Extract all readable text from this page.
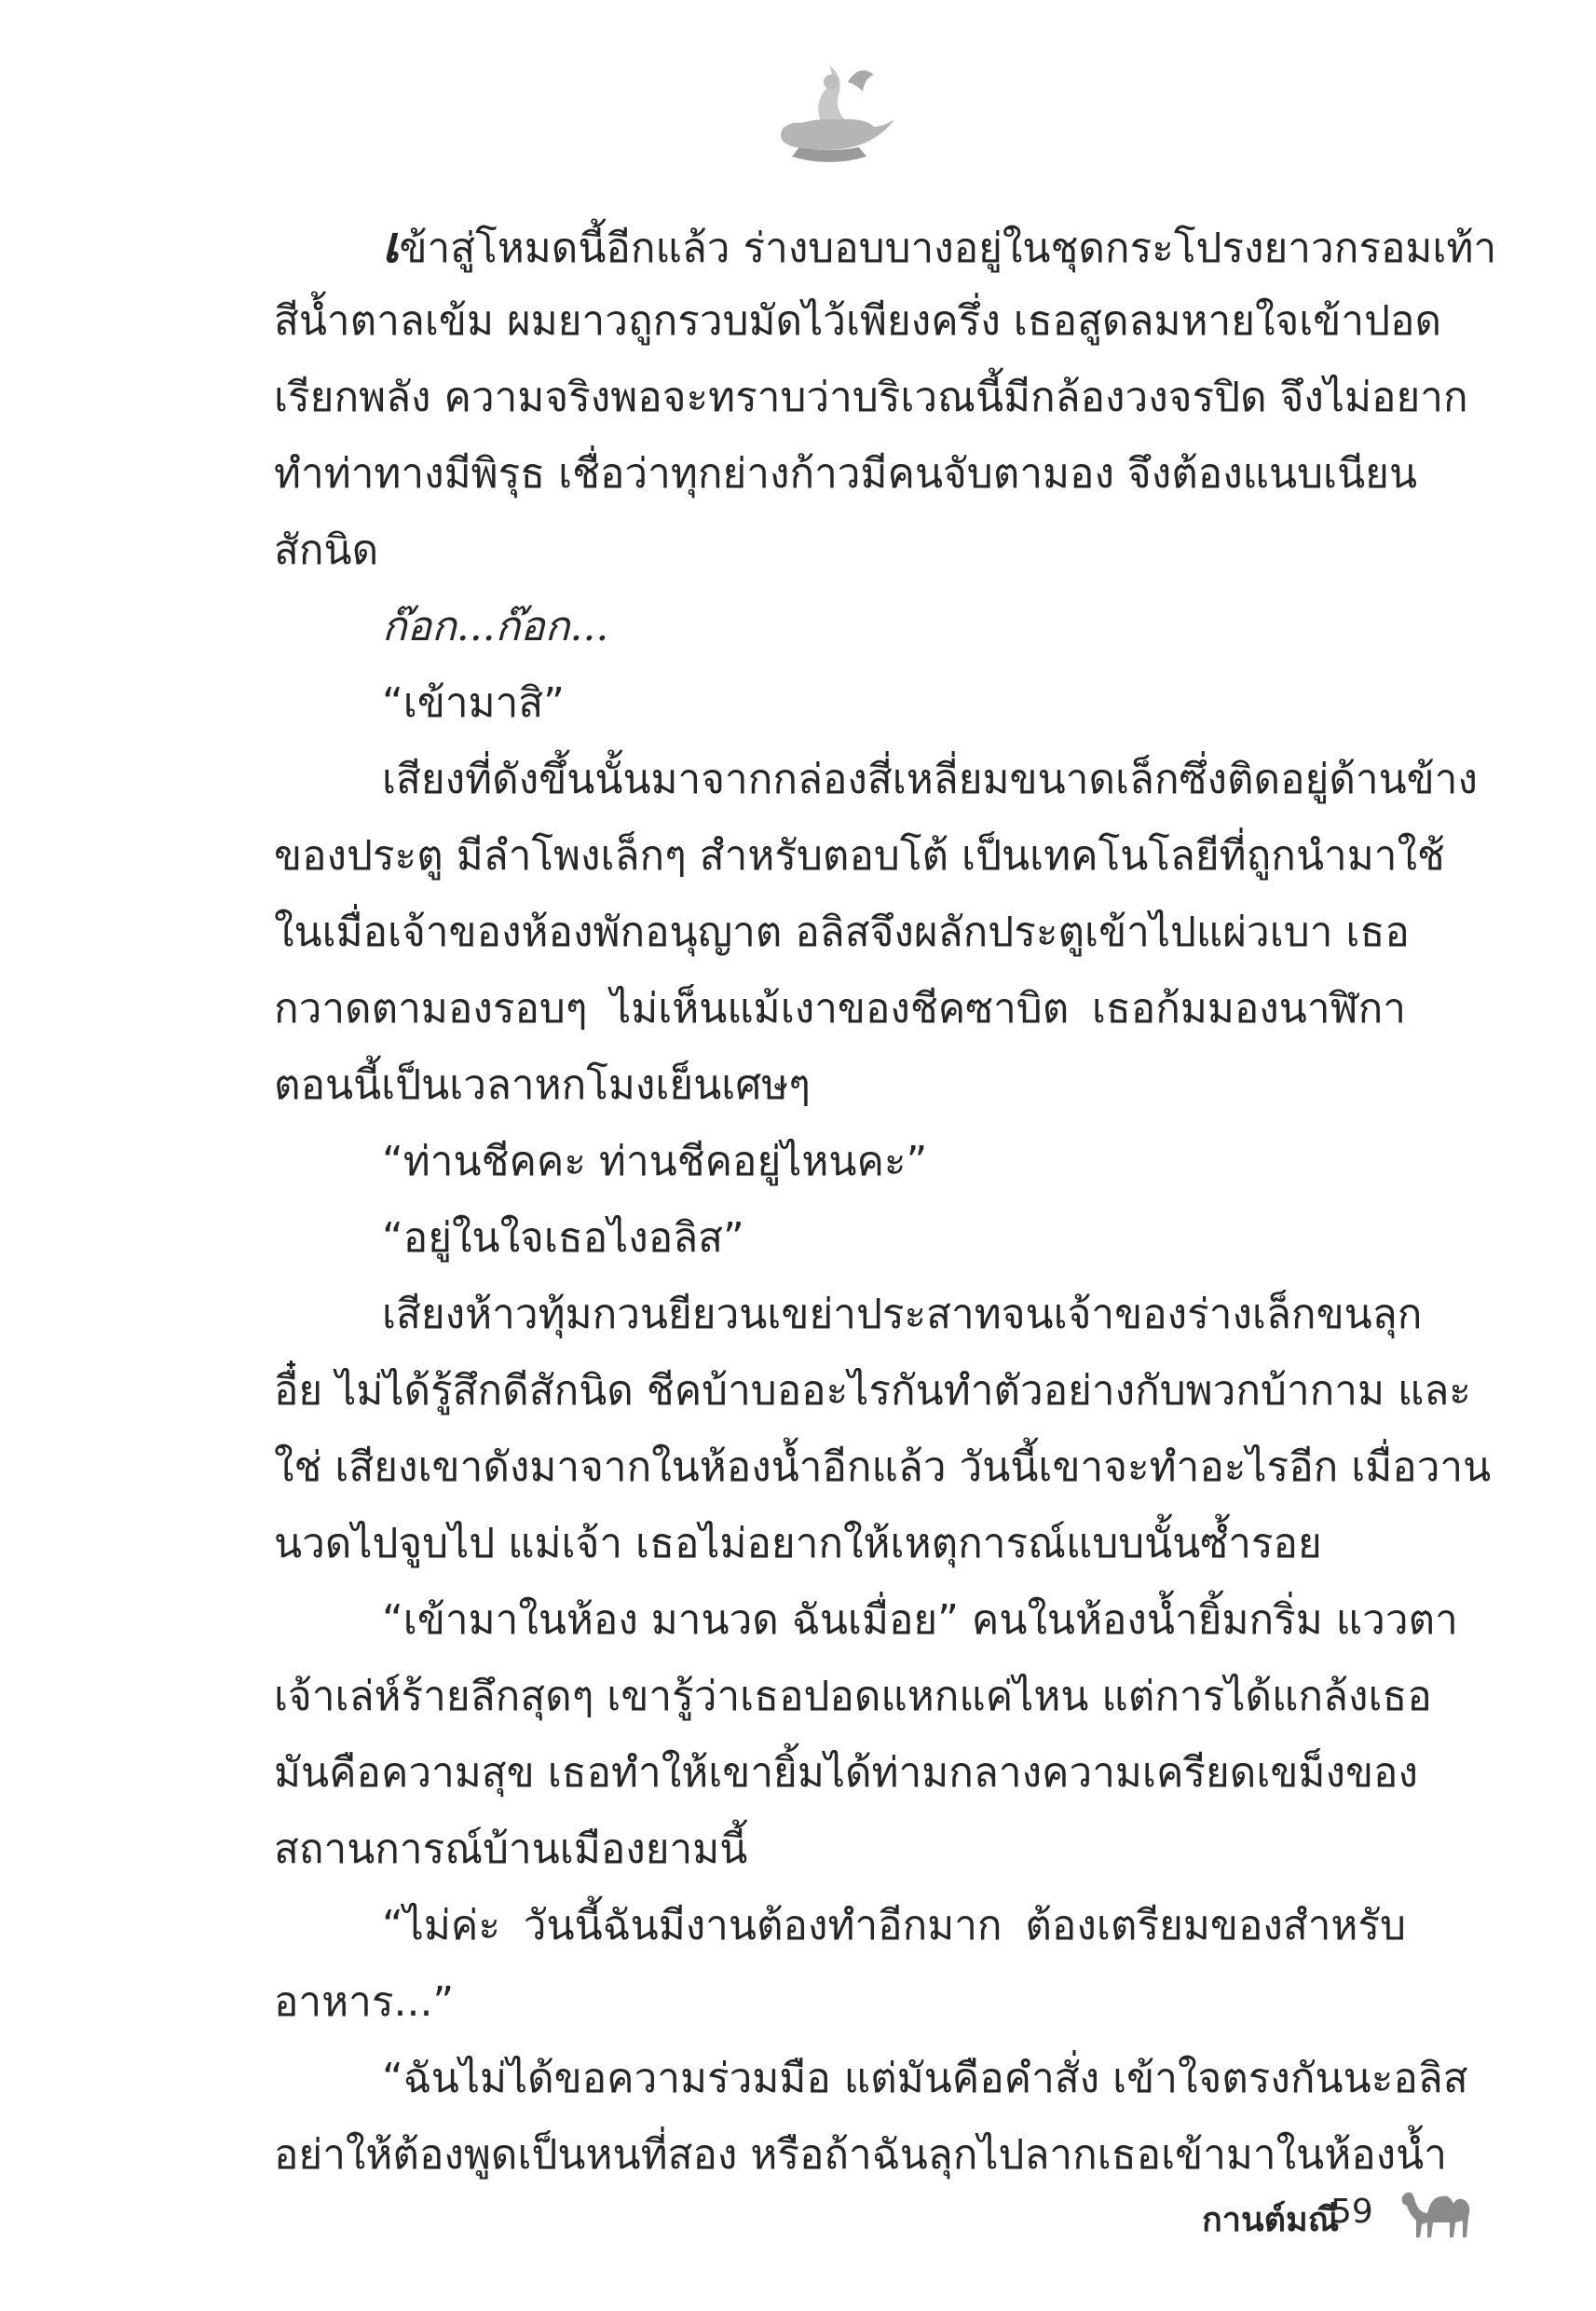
เข้าสู่โหมดนี้อีกแล้ว ร่างบอบบางอยู่ในชุดกระโปรงยาวกรอมเท้า
สีน้ำตาลเข้ม ผมยาวถูกรวบมัดไว้เพียงครึ่ง เธอสูดลมหายใจเข้าปอด
เรียกพลัง ความจริงพอจะทราบว่าบริเวณนี้มีกล้องวงจรปิด จึงไม่อยาก
ทำท่าทางมีพิรุธ เชื่อว่าทุกย่างก้าวมีคนจับตามอง จึงต้องแนบเนียน
สักนิด
ก๊อก...ก๊อก...
“เข้ามาสิ”
เสียงที่ดังขึ้นนั้นมาจากกล่องสี่เหลี่ยมขนาดเล็กซึ่งติดอยู่ด้านข้าง
ของประตู มีลำโพงเล็กๆ สำหรับตอบโต้ เป็นเทคโนโลยีที่ถูกนำมาใช้
ในเมื่อเจ้าของห้องพักอนุญาต อลิสจึงผลักประตูเข้าไปแผ่วเบา เธอ
กวาดตามองรอบๆ ไม่เห็นแม้เงาของชีคซาบิต เธอก้มมองนาฬิกา
ตอนนี้เป็นเวลาหกโมงเย็นเศษๆ
“ท่านชีคคะ ท่านชีคอยู่ไหนคะ”
“อยู่ในใจเธอไงอลิส”
เสียงห้าวทุ้มกวนยียวนเขย่าประสาทจนเจ้าของร่างเล็กขนลุก
อื๋ย ไม่ได้รู้สึกดีสักนิด ชีคบ้าบออะไรกันทำตัวอย่างกับพวกบ้ากาม และ
ใช่ เสียงเขาดังมาจากในห้องน้ำอีกแล้ว วันนี้เขาจะทำอะไรอีก เมื่อวาน
นวดไปจูบไป แม่เจ้า เธอไม่อยากให้เหตุการณ์แบบนั้นซ้ำรอย
“เข้ามาในห้อง มานวด ฉันเมื่อย” คนในห้องน้ำยิ้มกริ่ม แววตา
เจ้าเล่ห์ร้ายลึกสุดๆ เขารู้ว่าเธอปอดแหกแค่ไหน แต่การได้แกล้งเธอ
มันคือความสุข เธอทำให้เขายิ้มได้ท่ามกลางความเครียดเขม็งของ
สถานการณ์บ้านเมืองยามนี้
“ไม่ค่ะ วันนี้ฉันมีงานต้องทำอีกมาก ต้องเตรียมของสำหรับ
อาหาร...”
“ฉันไม่ได้ขอความร่วมมือ แต่มันคือคำสั่ง เข้าใจตรงกันนะอลิส
อย่าให้ต้องพูดเป็นหนที่สอง หรือถ้าฉันลุกไปลากเธอเข้ามาในห้องน้ำ
กานต์มณี
59
